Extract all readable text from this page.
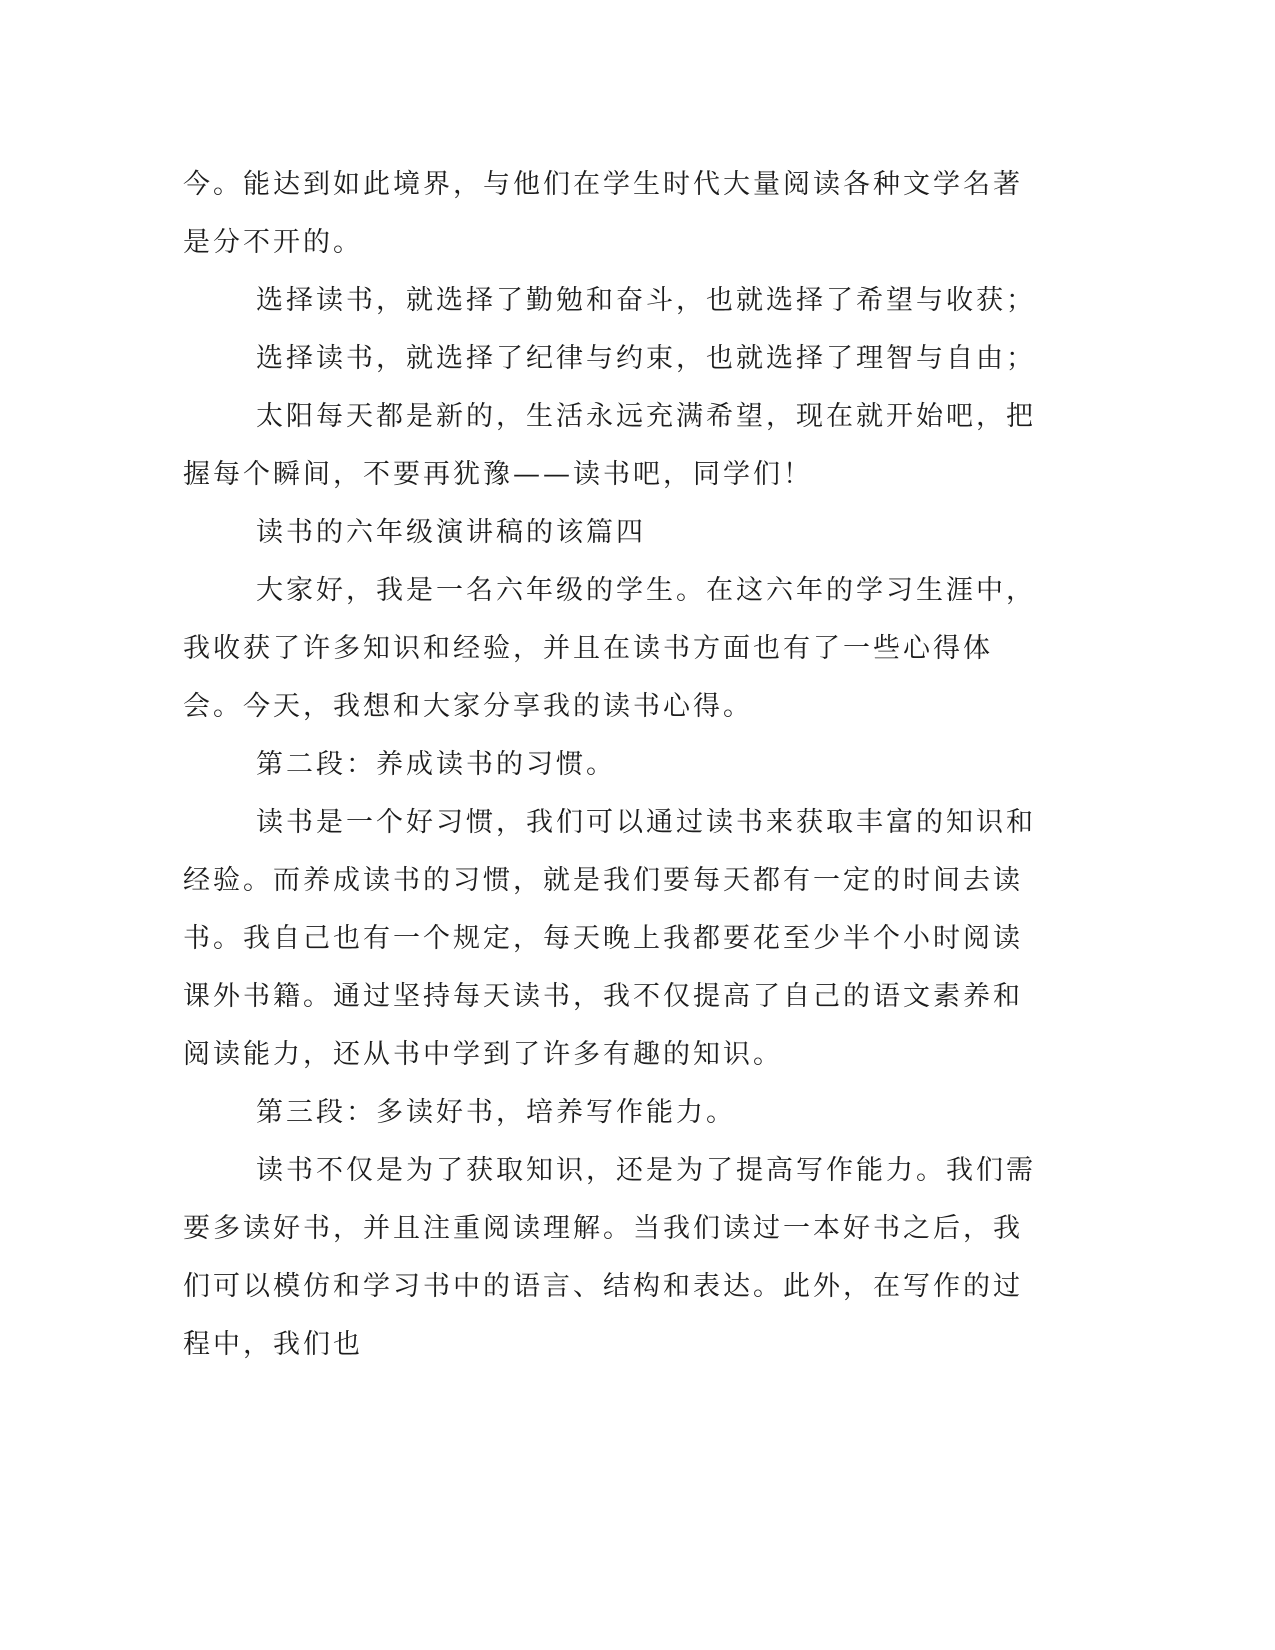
今。能达到如此境界，与他们在学生时代大量阅读各种文学名著是分不开的。

选择读书，就选择了勤勉和奋斗，也就选择了希望与收获；

选择读书，就选择了纪律与约束，也就选择了理智与自由；

太阳每天都是新的，生活永远充满希望，现在就开始吧，把握每个瞬间，不要再犹豫——读书吧，同学们！

读书的六年级演讲稿的该篇四

大家好，我是一名六年级的学生。在这六年的学习生涯中，我收获了许多知识和经验，并且在读书方面也有了一些心得体会。今天，我想和大家分享我的读书心得。

第二段：养成读书的习惯。

读书是一个好习惯，我们可以通过读书来获取丰富的知识和经验。而养成读书的习惯，就是我们要每天都有一定的时间去读书。我自己也有一个规定，每天晚上我都要花至少半个小时阅读课外书籍。通过坚持每天读书，我不仅提高了自己的语文素养和阅读能力，还从书中学到了许多有趣的知识。

第三段：多读好书，培养写作能力。

读书不仅是为了获取知识，还是为了提高写作能力。我们需要多读好书，并且注重阅读理解。当我们读过一本好书之后，我们可以模仿和学习书中的语言、结构和表达。此外，在写作的过程中，我们也
